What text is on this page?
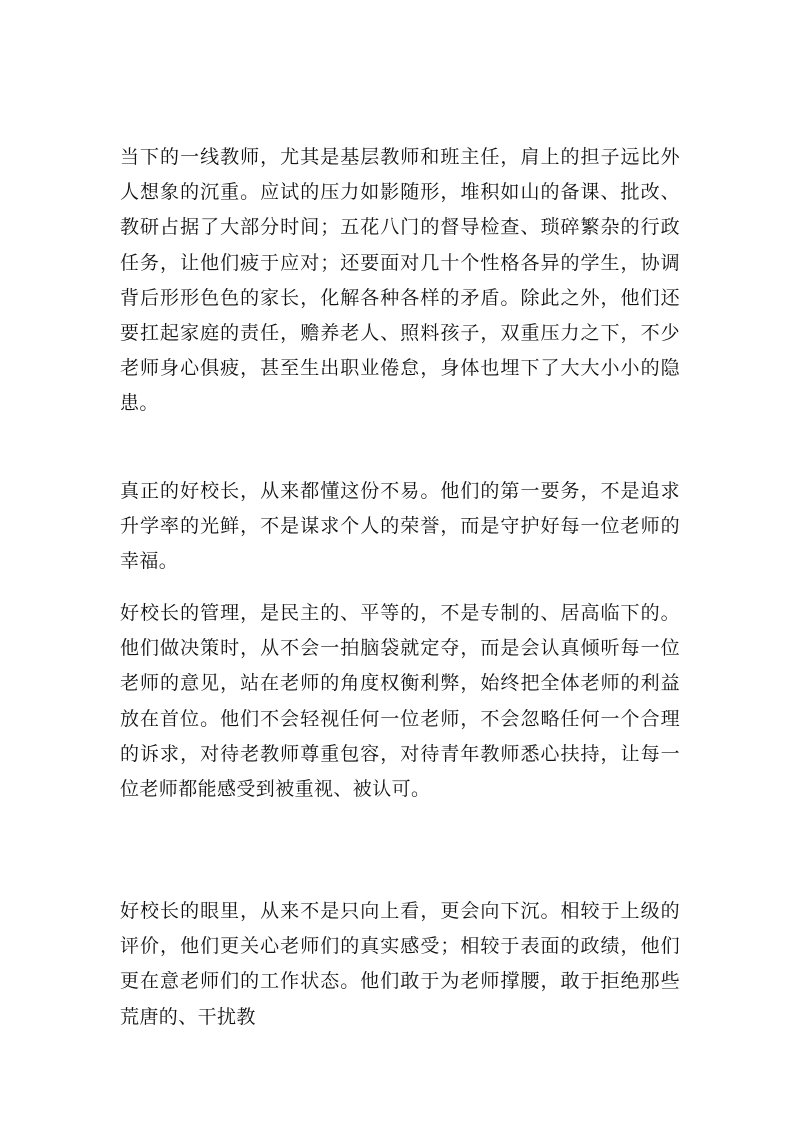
当下的一线教师，尤其是基层教师和班主任，肩上的担子远比外人想象的沉重。应试的压力如影随形，堆积如山的备课、批改、教研占据了大部分时间；五花八门的督导检查、琐碎繁杂的行政任务，让他们疲于应对；还要面对几十个性格各异的学生，协调背后形形色色的家长，化解各种各样的矛盾。除此之外，他们还要扛起家庭的责任，赡养老人、照料孩子，双重压力之下，不少老师身心俱疲，甚至生出职业倦怠，身体也埋下了大大小小的隐患。

真正的好校长，从来都懂这份不易。他们的第一要务，不是追求升学率的光鲜，不是谋求个人的荣誉，而是守护好每一位老师的幸福。

好校长的管理，是民主的、平等的，不是专制的、居高临下的。他们做决策时，从不会一拍脑袋就定夺，而是会认真倾听每一位老师的意见，站在老师的角度权衡利弊，始终把全体老师的利益放在首位。他们不会轻视任何一位老师，不会忽略任何一个合理的诉求，对待老教师尊重包容，对待青年教师悉心扶持，让每一位老师都能感受到被重视、被认可。

好校长的眼里，从来不是只向上看，更会向下沉。相较于上级的评价，他们更关心老师们的真实感受；相较于表面的政绩，他们更在意老师们的工作状态。他们敢于为老师撑腰，敢于拒绝那些荒唐的、干扰教
